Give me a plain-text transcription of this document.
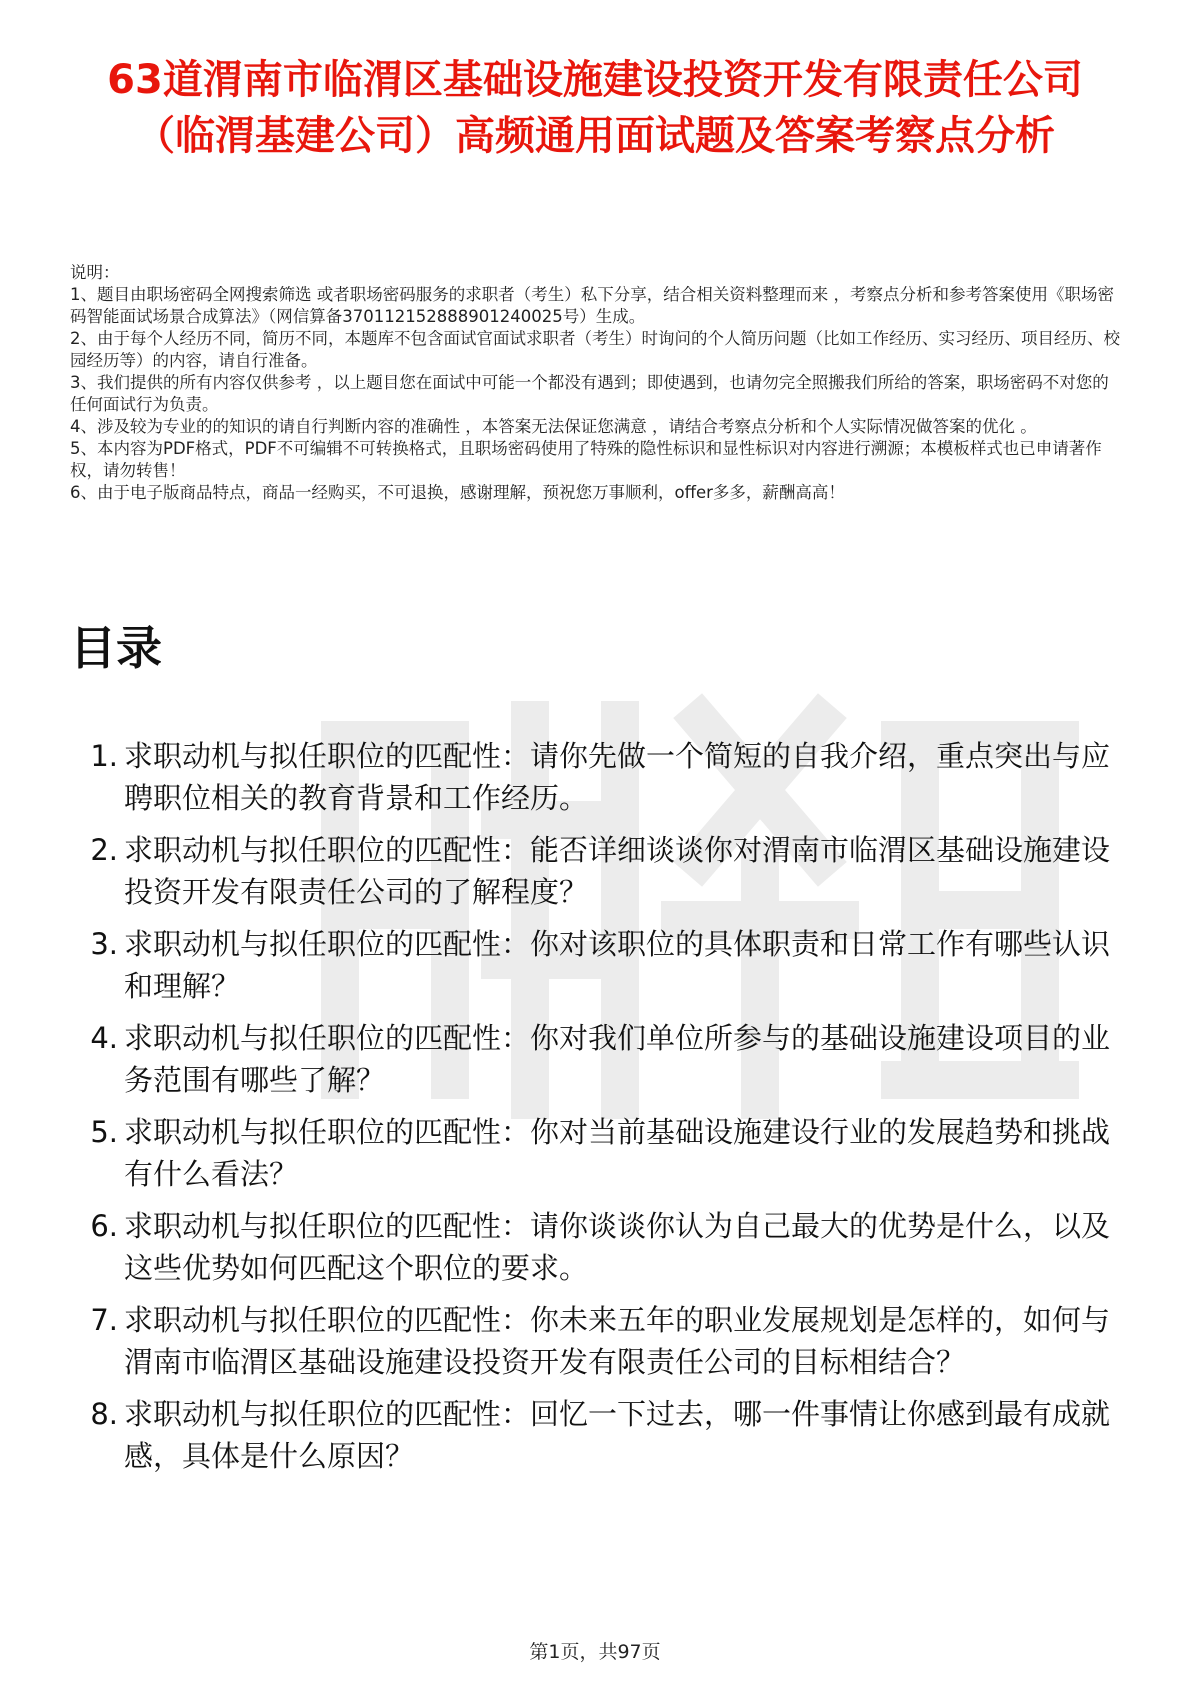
63道渭南市临渭区基础设施建设投资开发有限责任公司（临渭基建公司）高频通用面试题及答案考察点分析

说明：

1、题目由职场密码全网搜索筛选 或者职场密码服务的求职者（考生）私下分享，结合相关资料整理而来 ，考察点分析和参考答案使用《职场密码智能面试场景合成算法》（网信算备370112152888901240025号）生成。

2、由于每个人经历不同，简历不同，本题库不包含面试官面试求职者（考生）时询问的个人简历问题（比如工作经历、实习经历、项目经历、校园经历等）的内容，请自行准备。

3、我们提供的所有内容仅供参考 ，以上题目您在面试中可能一个都没有遇到；即使遇到，也请勿完全照搬我们所给的答案，职场密码不对您的任何面试行为负责。

4、涉及较为专业的的知识的请自行判断内容的准确性 ，本答案无法保证您满意 ，请结合考察点分析和个人实际情况做答案的优化 。

5、本内容为PDF格式，PDF不可编辑不可转换格式，且职场密码使用了特殊的隐性标识和显性标识对内容进行溯源；本模板样式也已申请著作权，请勿转售！

6、由于电子版商品特点，商品一经购买，不可退换，感谢理解，预祝您万事顺利，offer多多，薪酬高高！

目录
1. 求职动机与拟任职位的匹配性：请你先做一个简短的自我介绍，重点突出与应聘职位相关的教育背景和工作经历。
2. 求职动机与拟任职位的匹配性：能否详细谈谈你对渭南市临渭区基础设施建设投资开发有限责任公司的了解程度？
3. 求职动机与拟任职位的匹配性：你对该职位的具体职责和日常工作有哪些认识和理解？
4. 求职动机与拟任职位的匹配性：你对我们单位所参与的基础设施建设项目的业务范围有哪些了解？
5. 求职动机与拟任职位的匹配性：你对当前基础设施建设行业的发展趋势和挑战有什么看法？
6. 求职动机与拟任职位的匹配性：请你谈谈你认为自己最大的优势是什么，以及这些优势如何匹配这个职位的要求。
7. 求职动机与拟任职位的匹配性：你未来五年的职业发展规划是怎样的，如何与渭南市临渭区基础设施建设投资开发有限责任公司的目标相结合？
8. 求职动机与拟任职位的匹配性：回忆一下过去，哪一件事情让你感到最有成就感，具体是什么原因？
第1页，共97页
